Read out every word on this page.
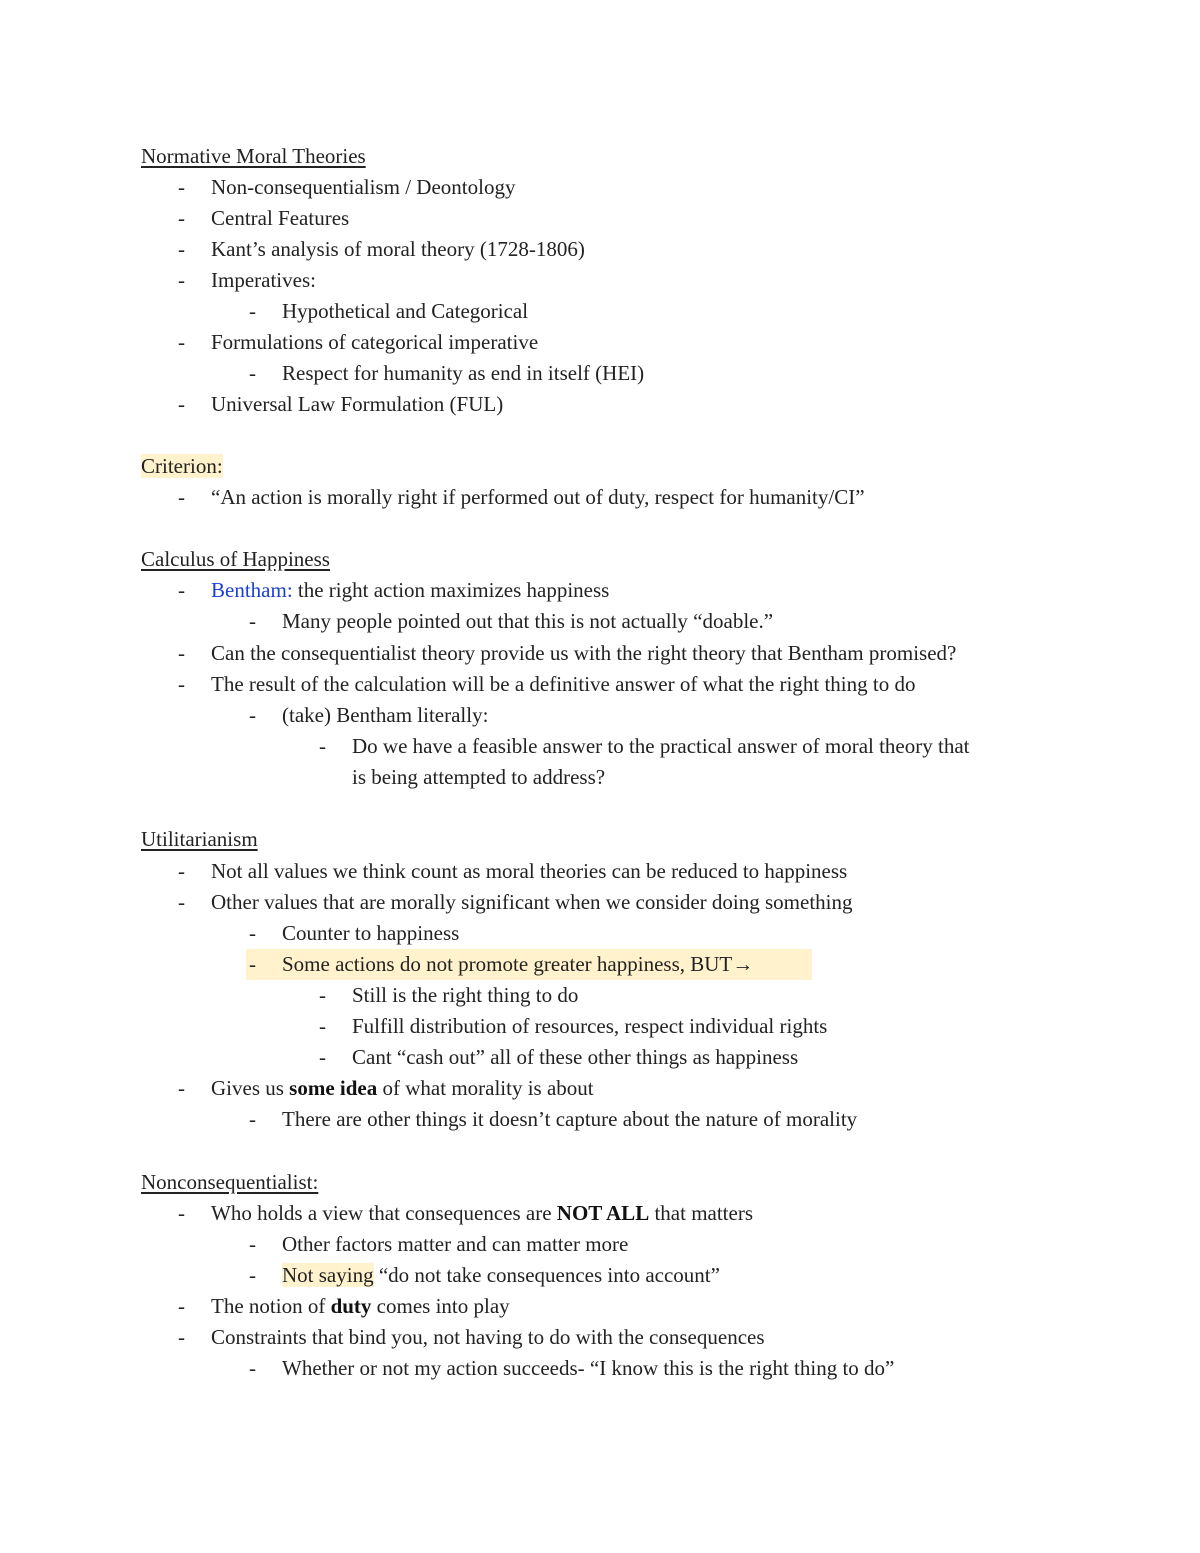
Normative Moral Theories
- Non-consequentialism / Deontology
- Central Features
- Kant’s analysis of moral theory (1728-1806)
- Imperatives:
- Hypothetical and Categorical
- Formulations of categorical imperative
- Respect for humanity as end in itself (HEI)
- Universal Law Formulation (FUL)
Criterion:
- “An action is morally right if performed out of duty, respect for humanity/CI”
Calculus of Happiness
- Bentham: the right action maximizes happiness
- Many people pointed out that this is not actually “doable.”
- Can the consequentialist theory provide us with the right theory that Bentham promised?
- The result of the calculation will be a definitive answer of what the right thing to do
- (take) Bentham literally:
- Do we have a feasible answer to the practical answer of moral theory that
is being attempted to address?
Utilitarianism
- Not all values we think count as moral theories can be reduced to happiness
- Other values that are morally significant when we consider doing something
- Counter to happiness
- Some actions do not promote greater happiness, BUT→
- Still is the right thing to do
- Fulfill distribution of resources, respect individual rights
- Cant “cash out” all of these other things as happiness
- Gives us some idea of what morality is about
- There are other things it doesn’t capture about the nature of morality
Nonconsequentialist:
- Who holds a view that consequences are NOT ALL that matters
- Other factors matter and can matter more
- Not saying “do not take consequences into account”
- The notion of duty comes into play
- Constraints that bind you, not having to do with the consequences
- Whether or not my action succeeds- “I know this is the right thing to do”
